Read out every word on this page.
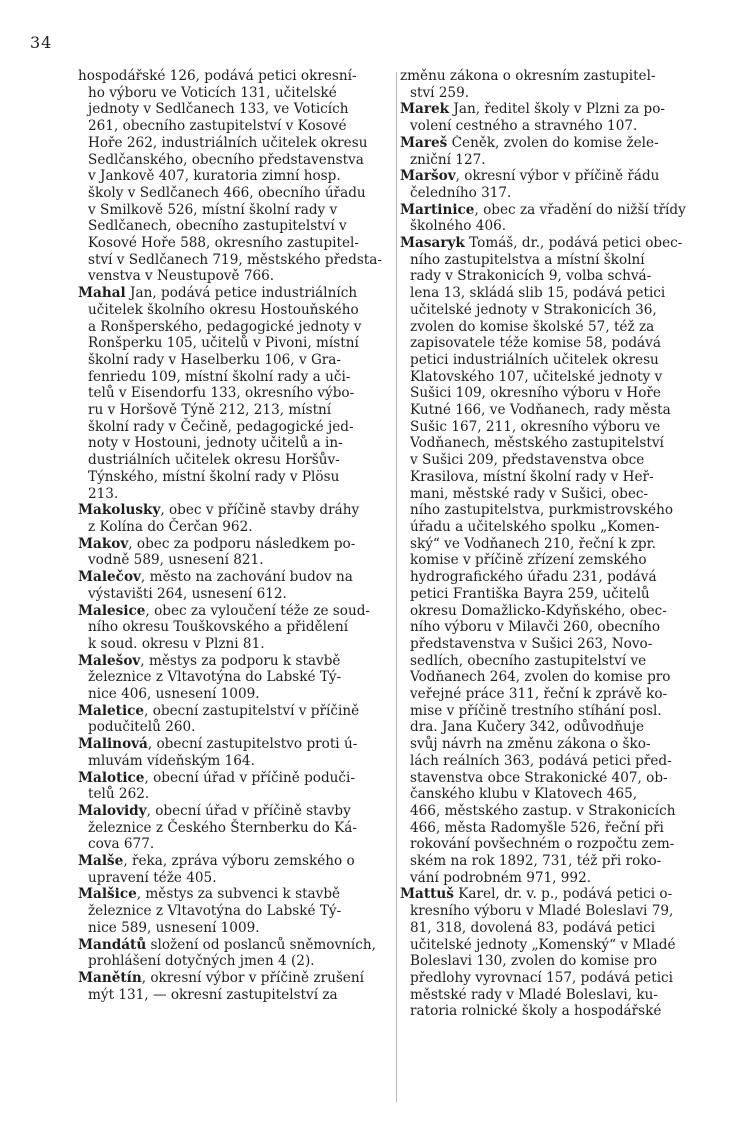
34
hospodářské 126, podává petici okresní-
ho výboru ve Voticích 131, učitelské
jednoty v Sedlčanech 133, ve Voticích
261, obecního zastupitelství v Kosové
Hoře 262, industriálních učitelek okresu
Sedlčanského, obecního představenstva
v Jankově 407, kuratoria zimní hosp.
školy v Sedlčanech 466, obecního úřadu
v Smilkově 526, místní školní rady v
Sedlčanech, obecního zastupitelství v
Kosové Hoře 588, okresního zastupitel-
ství v Sedlčanech 719, městského předsta-
venstva v Neustupově 766.
Mahal Jan, podává petice industriálních
učitelek školního okresu Hostouňského
a Ronšperského, pedagogické jednoty v
Ronšperku 105, učitelů v Pivoni, místní
školní rady v Haselberku 106, v Gra-
fenriedu 109, místní školní rady a uči-
telů v Eisendorfu 133, okresního výbo-
ru v Horšově Týně 212, 213, místní
školní rady v Čečině, pedagogické jed-
noty v Hostouni, jednoty učitelů a in-
dustriálních učitelek okresu Horšův-
Týnského, místní školní rady v Plösu
213.
Makolusky, obec v příčině stavby dráhy
z Kolína do Čerčan 962.
Makov, obec za podporu následkem po-
vodně 589, usnesení 821.
Malečov, město na zachování budov na
výstavišti 264, usnesení 612.
Malesice, obec za vyloučení téže ze soud-
ního okresu Touškovského a přidělení
k soud. okresu v Plzni 81.
Malešov, městys za podporu k stavbě
železnice z Vltavotýna do Labské Tý-
nice 406, usnesení 1009.
Maletice, obecní zastupitelství v příčině
podučitelů 260.
Malinová, obecní zastupitelstvo proti ú-
mluvám vídeňským 164.
Malotice, obecní úřad v příčině poduči-
telů 262.
Malovidy, obecní úřad v příčině stavby
železnice z Českého Šternberku do Ká-
cova 677.
Malše, řeka, zpráva výboru zemského o
upravení téže 405.
Malšice, městys za subvenci k stavbě
železnice z Vltavotýna do Labské Tý-
nice 589, usnesení 1009.
Mandátů složení od poslanců sněmovních,
prohlášení dotyčných jmen 4 (2).
Manětín, okresní výbor v příčině zrušení
mýt 131, — okresní zastupitelství za
změnu zákona o okresním zastupitel-
ství 259.
Marek Jan, ředitel školy v Plzni za po-
volení cestného a stravného 107.
Mareš Čeněk, zvolen do komise žele-
zniční 127.
Maršov, okresní výbor v příčině řádu
čeledního 317.
Martinice, obec za vřadění do nižší třídy
školného 406.
Masaryk Tomáš, dr., podává petici obec-
ního zastupitelstva a místní školní
rady v Strakonicích 9, volba schvá-
lena 13, skládá slib 15, podává petici
učitelské jednoty v Strakonicích 36,
zvolen do komise školské 57, též za
zapisovatele téže komise 58, podává
petici industriálních učitelek okresu
Klatovského 107, učitelské jednoty v
Sušici 109, okresního výboru v Hoře
Kutné 166, ve Vodňanech, rady města
Sušic 167, 211, okresního výboru ve
Vodňanech, městského zastupitelství
v Sušici 209, představenstva obce
Krasilova, místní školní rady v Heř-
mani, městské rady v Sušici, obec-
ního zastupitelstva, purkmistrovského
úřadu a učitelského spolku „Komen-
ský“ ve Vodňanech 210, řeční k zpr.
komise v příčině zřízení zemského
hydrografického úřadu 231, podává
petici Františka Bayra 259, učitelů
okresu Domažlicko-Kdyňského, obec-
ního výboru v Milavči 260, obecního
představenstva v Sušici 263, Novo-
sedlích, obecního zastupitelství ve
Vodňanech 264, zvolen do komise pro
veřejné práce 311, řeční k zprávě ko-
mise v příčině trestního stíhání posl.
dra. Jana Kučery 342, odůvodňuje
svůj návrh na změnu zákona o ško-
lách reálních 363, podává petici před-
stavenstva obce Strakonické 407, ob-
čanského klubu v Klatovech 465,
466, městského zastup. v Strakonicích
466, města Radomyšle 526, řeční při
rokování povšechném o rozpočtu zem-
ském na rok 1892, 731, též při roko-
vání podrobném 971, 992.
Mattuš Karel, dr. v. p., podává petici o-
kresního výboru v Mladé Boleslavi 79,
81, 318, dovolená 83, podává petici
učitelské jednoty „Komenský“ v Mladé
Boleslavi 130, zvolen do komise pro
předlohy vyrovnací 157, podává petici
městské rady v Mladé Boleslavi, ku-
ratoria rolnické školy a hospodářské
